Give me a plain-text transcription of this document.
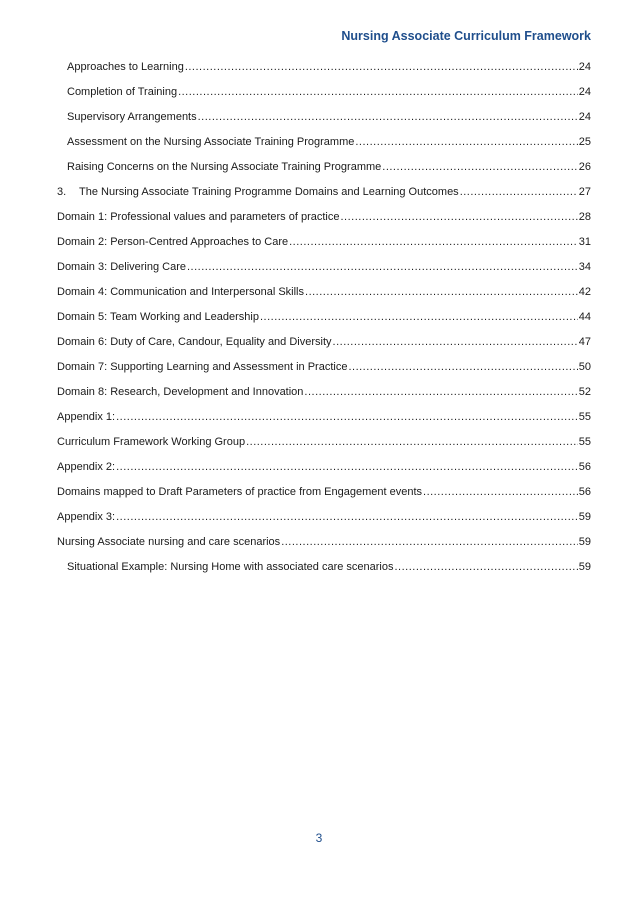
Nursing Associate Curriculum Framework
Approaches to Learning .....	24
Completion of Training .....	24
Supervisory Arrangements .....	24
Assessment on the Nursing Associate Training Programme .....	25
Raising Concerns on the Nursing Associate Training Programme .....	26
3.	The Nursing Associate Training Programme Domains and Learning Outcomes .....	27
Domain 1: Professional values and parameters of practice .....	28
Domain 2: Person-Centred Approaches to Care .....	31
Domain 3: Delivering Care .....	34
Domain 4: Communication and Interpersonal Skills .....	42
Domain 5: Team Working and Leadership .....	44
Domain 6: Duty of Care, Candour, Equality and Diversity .....	47
Domain 7: Supporting Learning and Assessment in Practice .....	50
Domain 8: Research, Development and Innovation .....	52
Appendix 1: .....	55
Curriculum Framework Working Group .....	55
Appendix 2: .....	56
Domains mapped to Draft Parameters of practice from Engagement events .....	56
Appendix 3: .....	59
Nursing Associate nursing and care scenarios .....	59
Situational Example: Nursing Home with associated care scenarios .....	59
3
